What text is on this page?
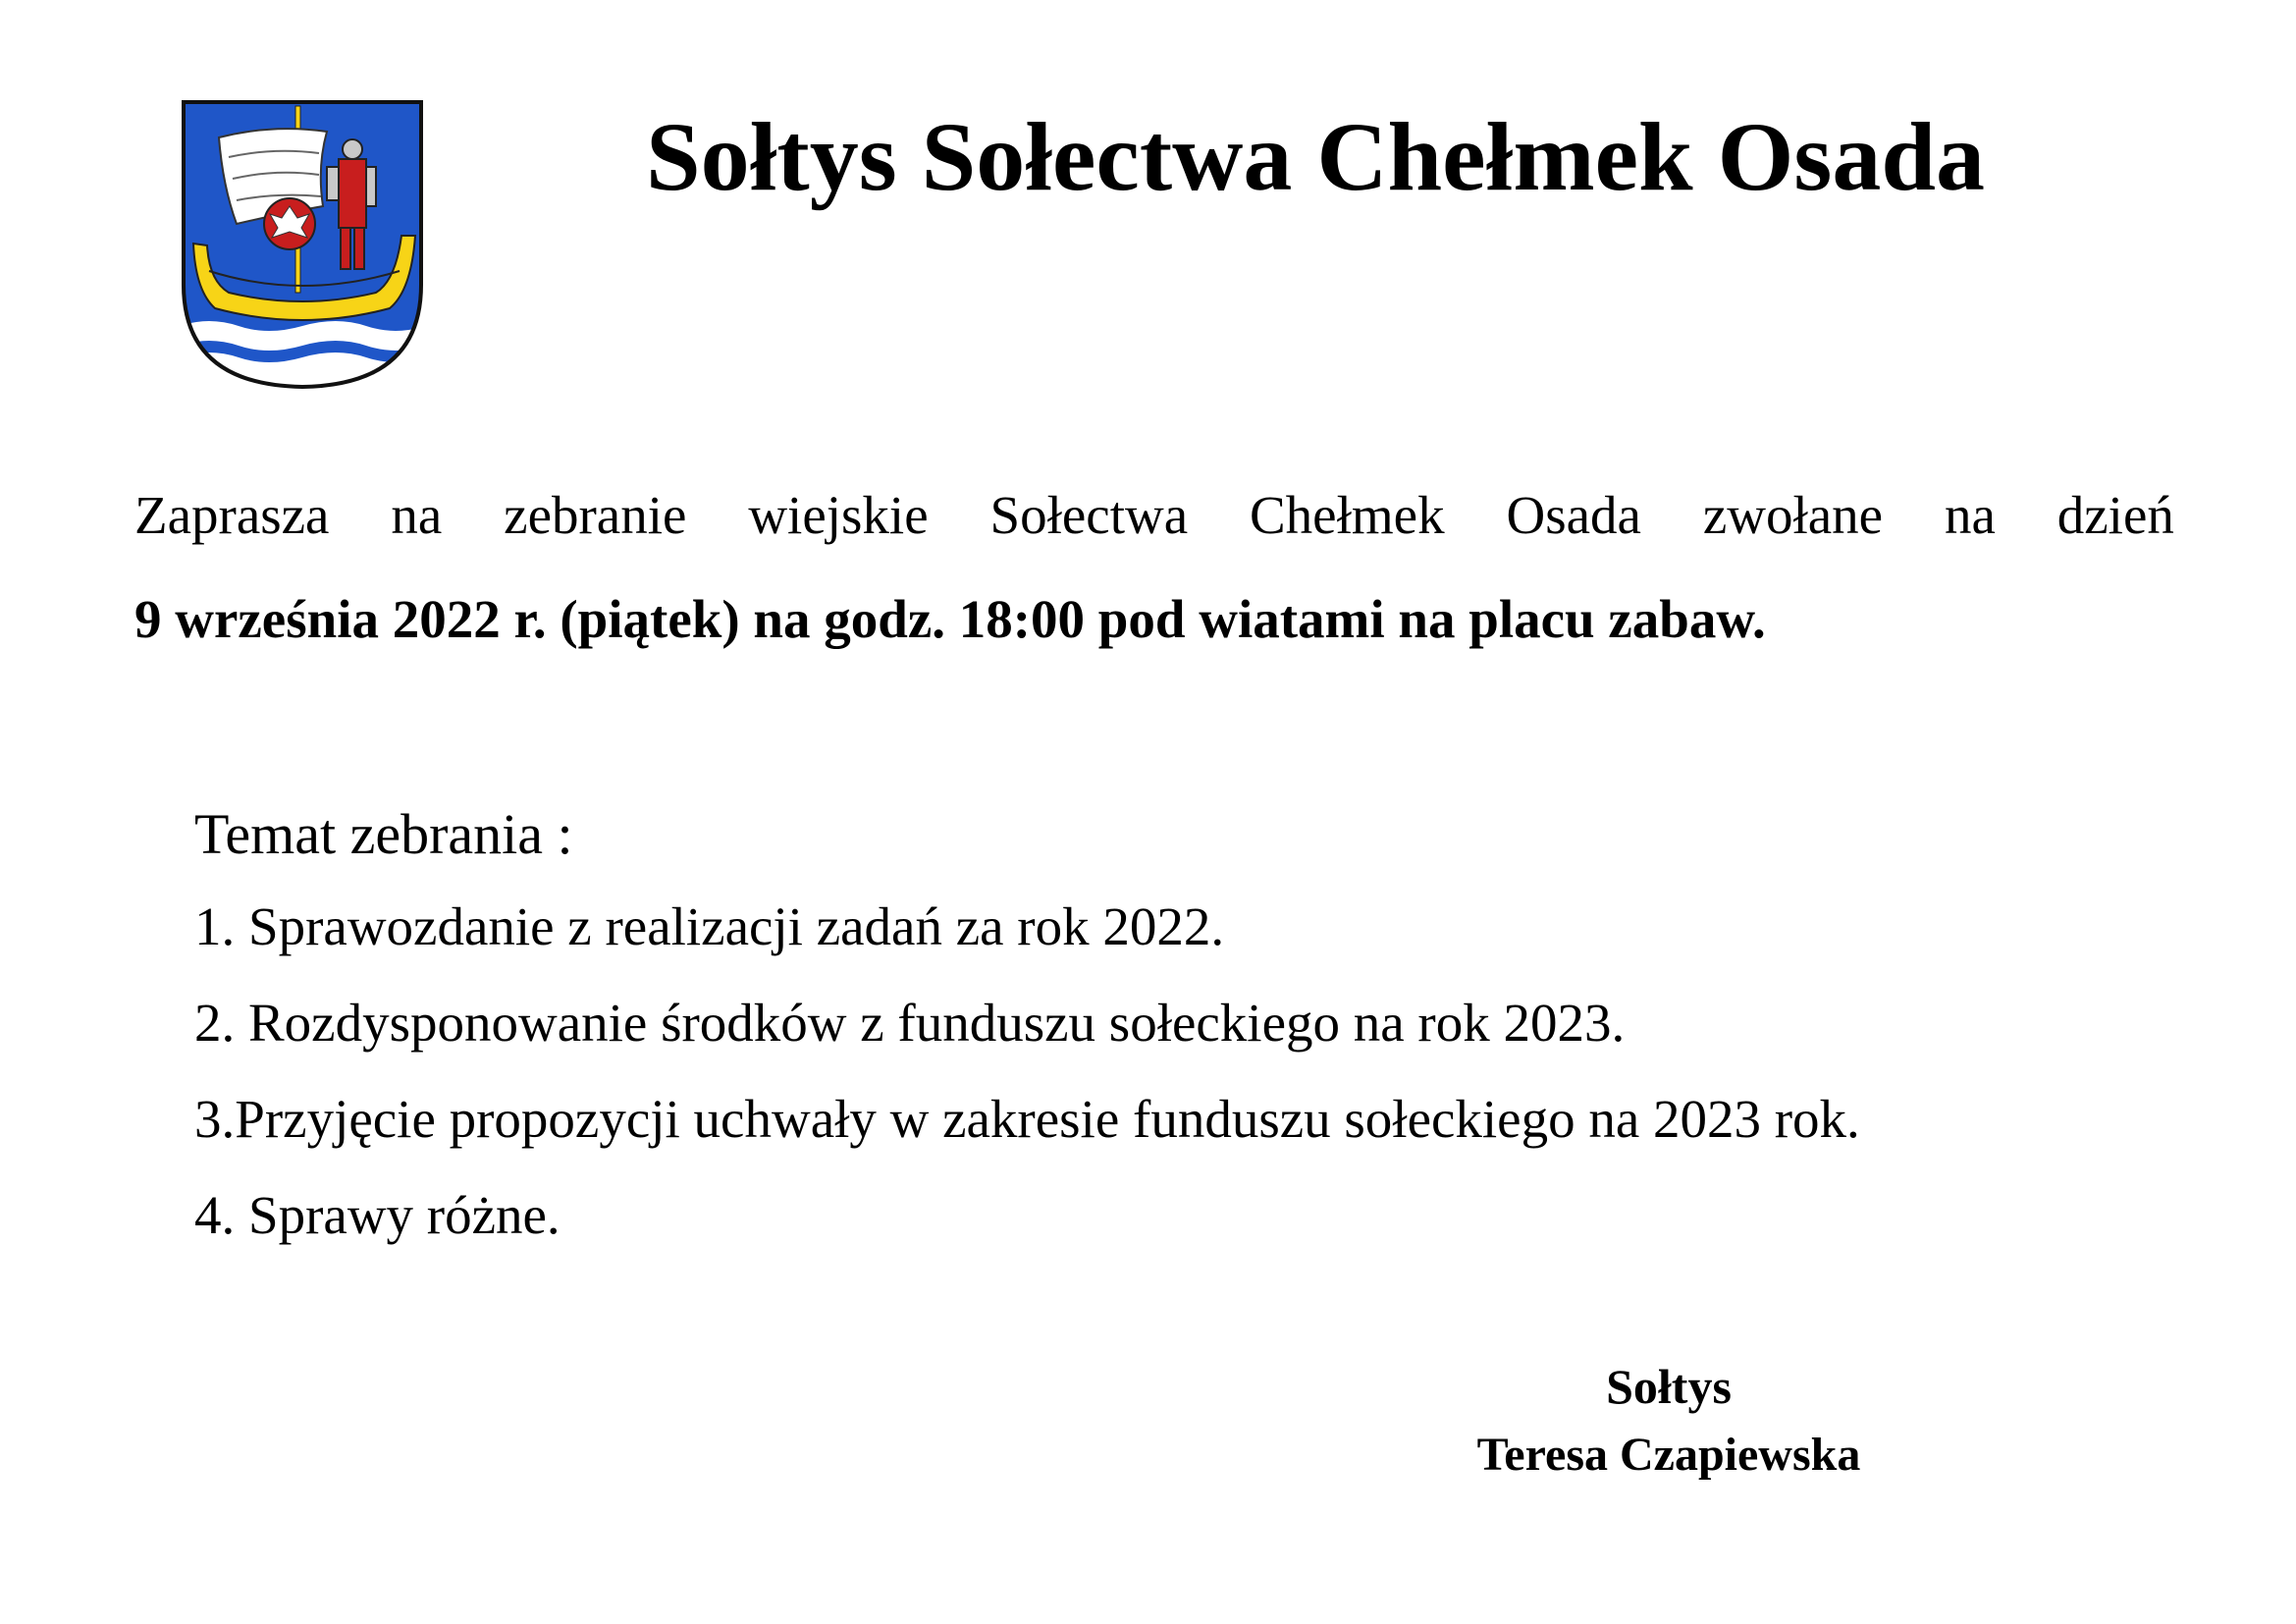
Sołtys Sołectwa Chełmek Osada
Zaprasza na zebranie wiejskie Sołectwa Chełmek Osada zwołane na dzień
9 września 2022 r. (piątek) na godz. 18:00 pod wiatami na placu zabaw.
Temat zebrania :
1. Sprawozdanie z realizacji zadań za rok 2022.
2. Rozdysponowanie środków z funduszu sołeckiego na rok 2023.
3.Przyjęcie propozycji uchwały w zakresie funduszu sołeckiego na 2023 rok.
4. Sprawy różne.
Sołtys
Teresa Czapiewska
